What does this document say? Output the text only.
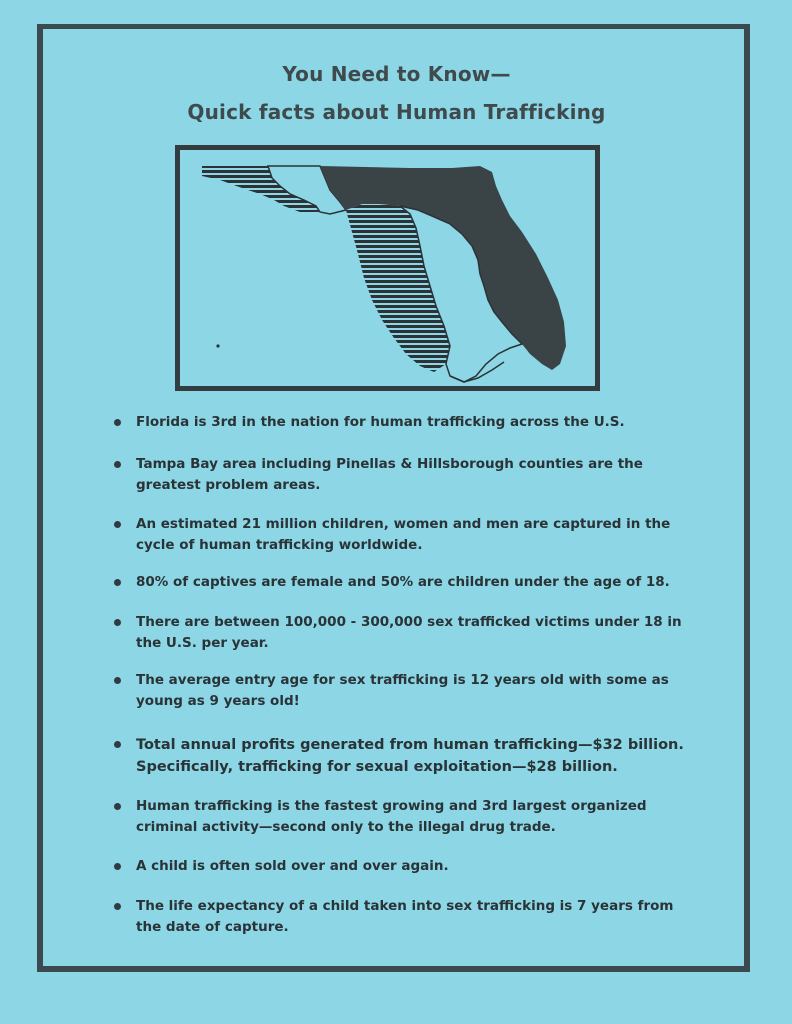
You Need to Know—
Quick facts about Human Trafficking
Florida is 3rd in the nation for human trafficking across the U.S.
Tampa Bay area including Pinellas & Hillsborough counties are the greatest problem areas.
An estimated 21 million children, women and men are captured in the cycle of human trafficking worldwide.
80% of captives are female and 50% are children under the age of 18.
There are between 100,000 - 300,000 sex trafficked victims under 18 in the U.S. per year.
The average entry age for sex trafficking is 12 years old with some as young as 9 years old!
Total annual profits generated from human trafficking—$32 billion. Specifically, trafficking for sexual exploitation—$28 billion.
Human trafficking is the fastest growing and 3rd largest organized criminal activity—second only to the illegal drug trade.
A child is often sold over and over again.
The life expectancy of a child taken into sex trafficking is 7 years from the date of capture.
